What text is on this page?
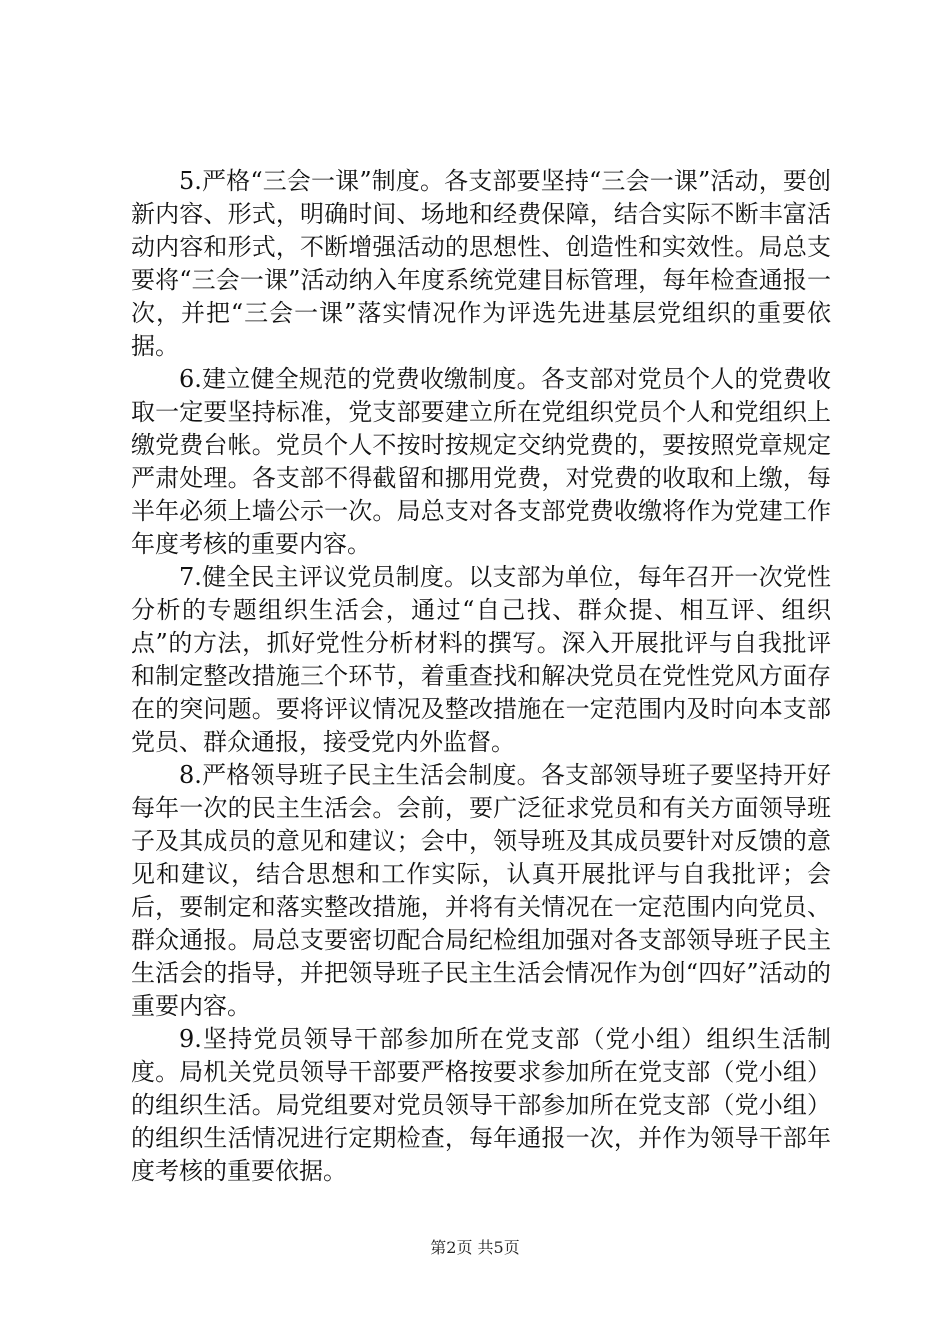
5.严格“三会一课”制度。各支部要坚持“三会一课”活动，要创新内容、形式，明确时间、场地和经费保障，结合实际不断丰富活动内容和形式，不断增强活动的思想性、创造性和实效性。局总支要将“三会一课”活动纳入年度系统党建目标管理，每年检查通报一次，并把“三会一课”落实情况作为评选先进基层党组织的重要依据。

6.建立健全规范的党费收缴制度。各支部对党员个人的党费收取一定要坚持标准，党支部要建立所在党组织党员个人和党组织上缴党费台帐。党员个人不按时按规定交纳党费的，要按照党章规定严肃处理。各支部不得截留和挪用党费，对党费的收取和上缴，每半年必须上墙公示一次。局总支对各支部党费收缴将作为党建工作年度考核的重要内容。

7.健全民主评议党员制度。以支部为单位，每年召开一次党性分析的专题组织生活会，通过“自己找、群众提、相互评、组织点”的方法，抓好党性分析材料的撰写。深入开展批评与自我批评和制定整改措施三个环节，着重查找和解决党员在党性党风方面存在的突问题。要将评议情况及整改措施在一定范围内及时向本支部党员、群众通报，接受党内外监督。

8.严格领导班子民主生活会制度。各支部领导班子要坚持开好每年一次的民主生活会。会前，要广泛征求党员和有关方面领导班子及其成员的意见和建议；会中，领导班及其成员要针对反馈的意见和建议，结合思想和工作实际，认真开展批评与自我批评；会后，要制定和落实整改措施，并将有关情况在一定范围内向党员、群众通报。局总支要密切配合局纪检组加强对各支部领导班子民主生活会的指导，并把领导班子民主生活会情况作为创“四好”活动的重要内容。

9.坚持党员领导干部参加所在党支部（党小组）组织生活制度。局机关党员领导干部要严格按要求参加所在党支部（党小组）的组织生活。局党组要对党员领导干部参加所在党支部（党小组）的组织生活情况进行定期检查，每年通报一次，并作为领导干部年度考核的重要依据。

第2页 共5页
